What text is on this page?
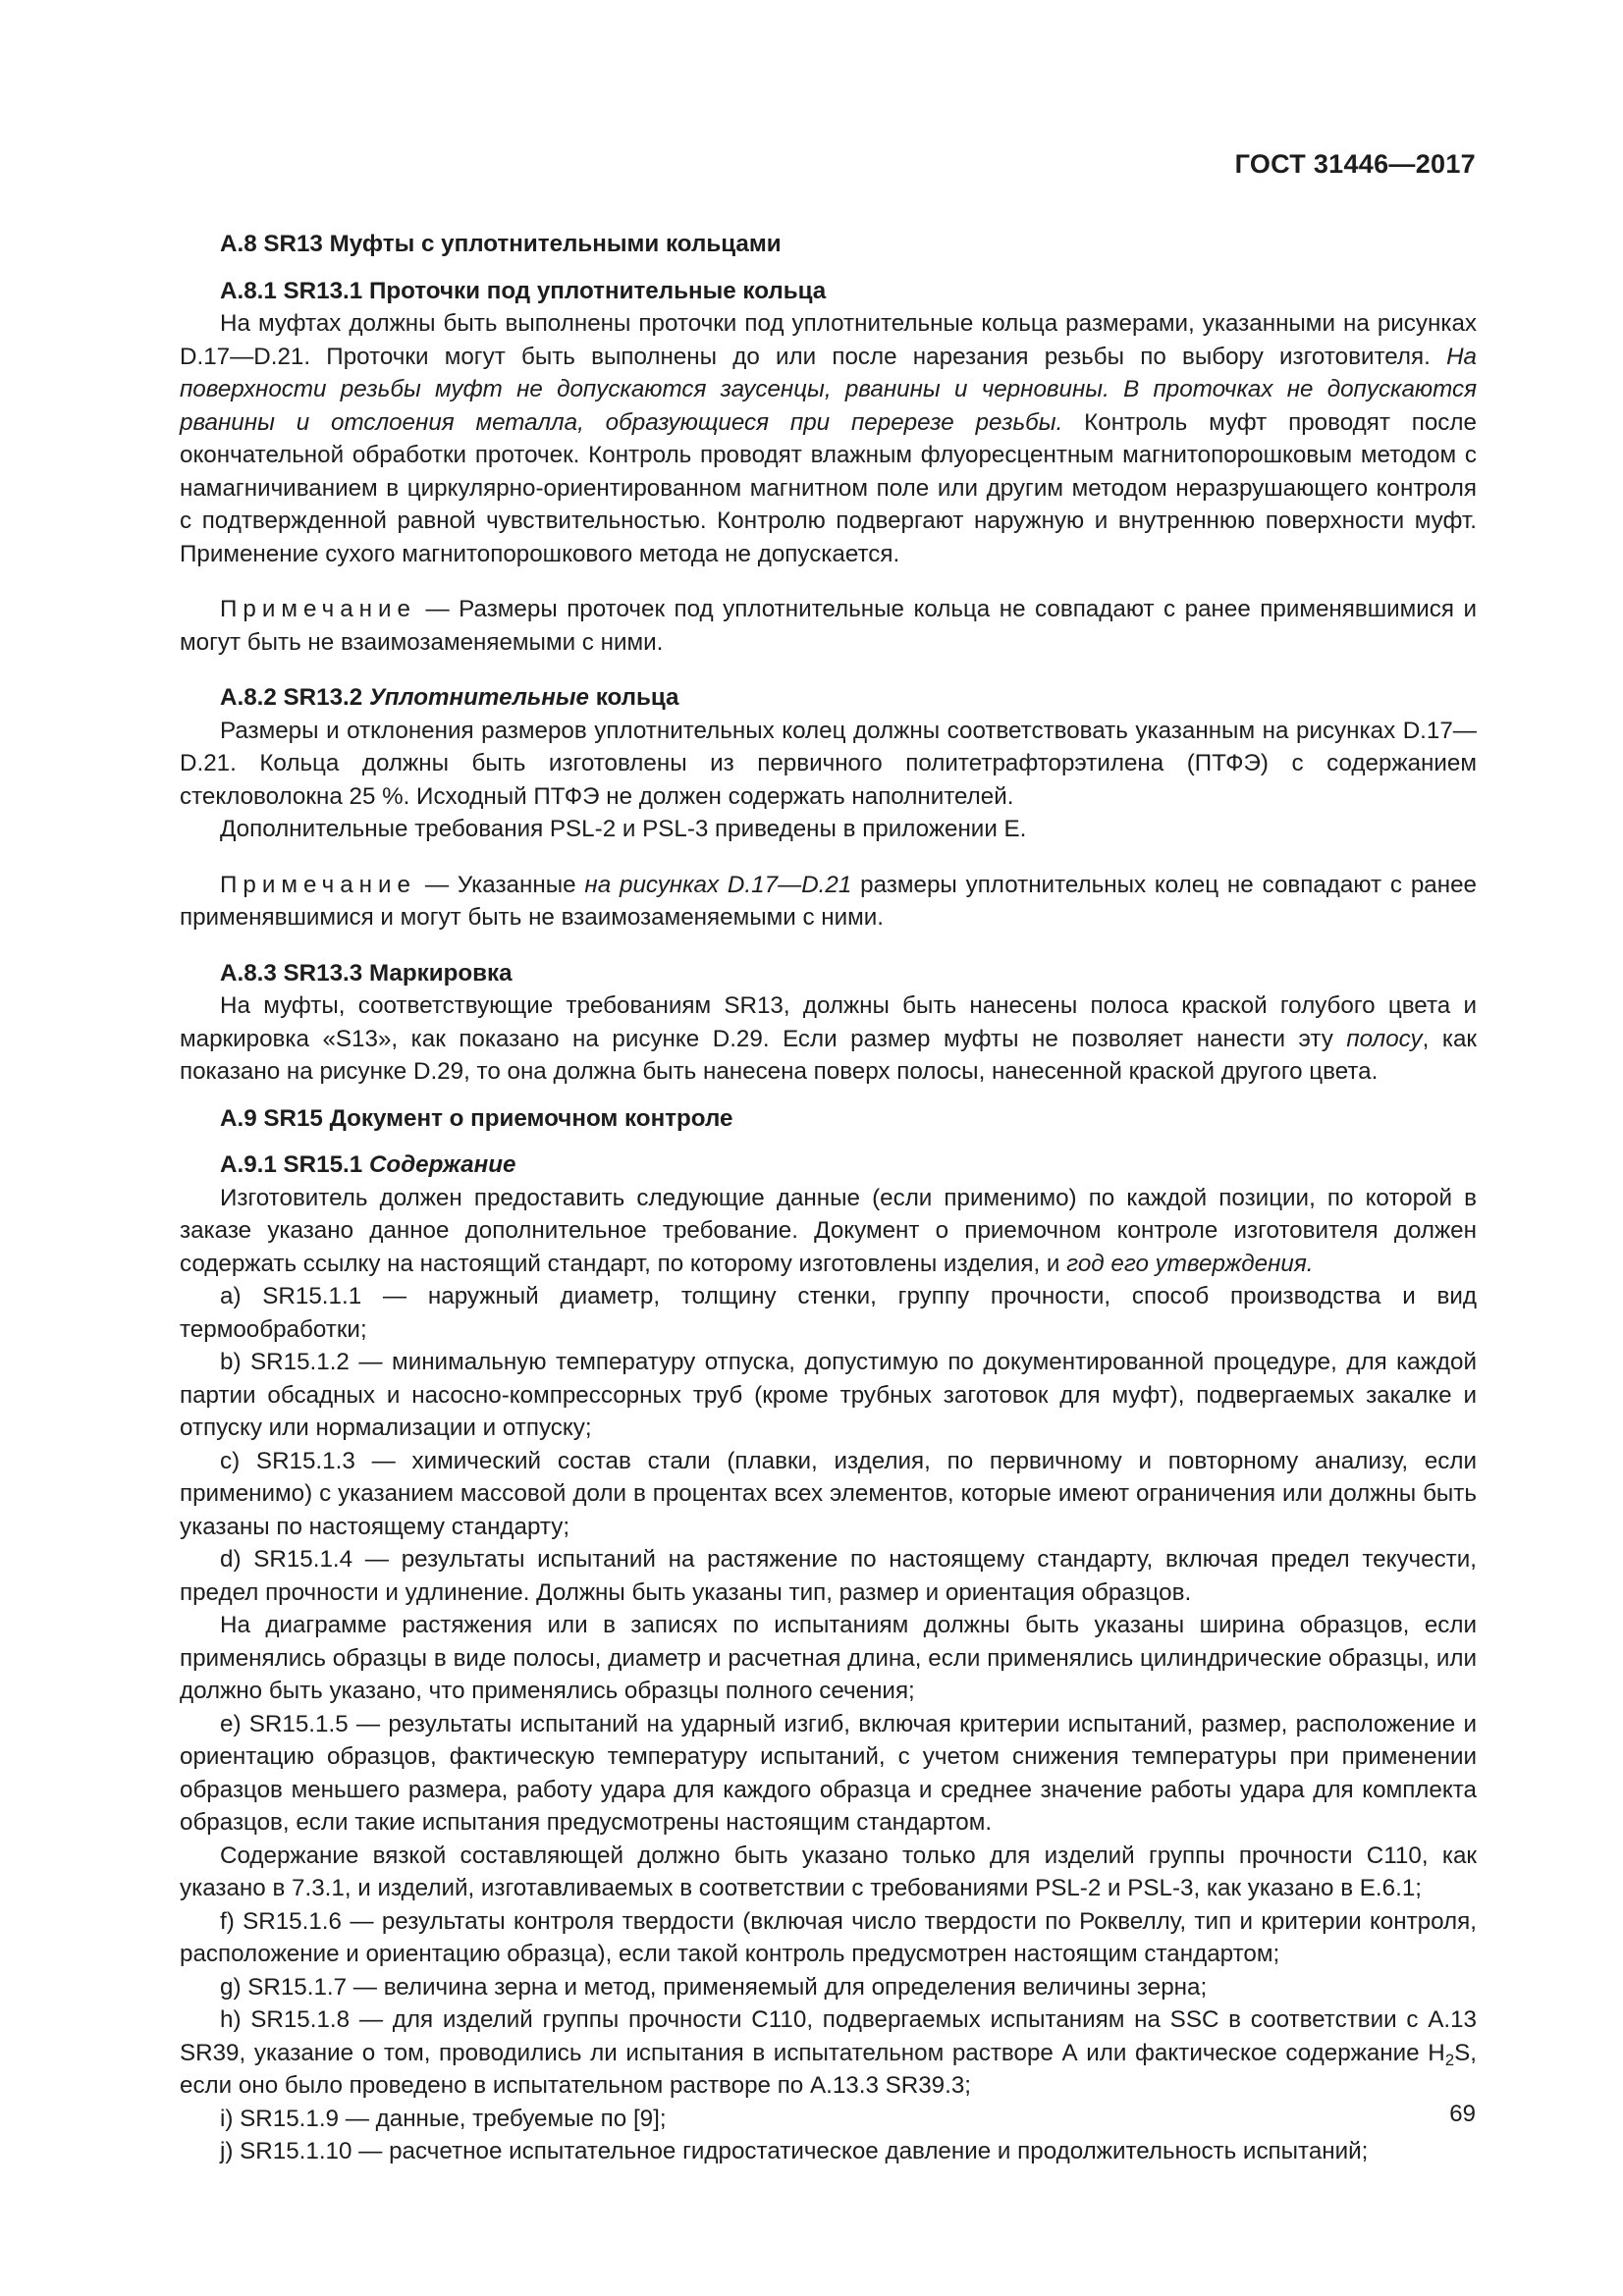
ГОСТ 31446—2017

А.8 SR13 Муфты с уплотнительными кольцами

А.8.1 SR13.1 Проточки под уплотнительные кольца

На муфтах должны быть выполнены проточки под уплотнительные кольца размерами, указанными на рисунках D.17—D.21. Проточки могут быть выполнены до или после нарезания резьбы по выбору изготовителя. На поверхности резьбы муфт не допускаются заусенцы, рванины и черновины. В проточках не допускаются рванины и отслоения металла, образующиеся при перерезе резьбы. Контроль муфт проводят после окончательной обработки проточек. Контроль проводят влажным флуоресцентным магнитопорошковым методом с намагничиванием в циркулярно-ориентированном магнитном поле или другим методом неразрушающего контроля с подтвержденной равной чувствительностью. Контролю подвергают наружную и внутреннюю поверхности муфт. Применение сухого магнитопорошкового метода не допускается.

Примечание — Размеры проточек под уплотнительные кольца не совпадают с ранее применявшимися и могут быть не взаимозаменяемыми с ними.

А.8.2 SR13.2 Уплотнительные кольца

Размеры и отклонения размеров уплотнительных колец должны соответствовать указанным на рисунках D.17—D.21. Кольца должны быть изготовлены из первичного политетрафторэтилена (ПТФЭ) с содержанием стекловолокна 25 %. Исходный ПТФЭ не должен содержать наполнителей.

Дополнительные требования PSL-2 и PSL-3 приведены в приложении Е.

Примечание — Указанные на рисунках D.17—D.21 размеры уплотнительных колец не совпадают с ранее применявшимися и могут быть не взаимозаменяемыми с ними.

А.8.3 SR13.3 Маркировка

На муфты, соответствующие требованиям SR13, должны быть нанесены полоса краской голубого цвета и маркировка «S13», как показано на рисунке D.29. Если размер муфты не позволяет нанести эту полосу, как показано на рисунке D.29, то она должна быть нанесена поверх полосы, нанесенной краской другого цвета.

А.9 SR15 Документ о приемочном контроле

А.9.1 SR15.1 Содержание

Изготовитель должен предоставить следующие данные (если применимо) по каждой позиции, по которой в заказе указано данное дополнительное требование. Документ о приемочном контроле изготовителя должен содержать ссылку на настоящий стандарт, по которому изготовлены изделия, и год его утверждения.

a) SR15.1.1 — наружный диаметр, толщину стенки, группу прочности, способ производства и вид термообработки;

b) SR15.1.2 — минимальную температуру отпуска, допустимую по документированной процедуре, для каждой партии обсадных и насосно-компрессорных труб (кроме трубных заготовок для муфт), подвергаемых закалке и отпуску или нормализации и отпуску;

c) SR15.1.3 — химический состав стали (плавки, изделия, по первичному и повторному анализу, если применимо) с указанием массовой доли в процентах всех элементов, которые имеют ограничения или должны быть указаны по настоящему стандарту;

d) SR15.1.4 — результаты испытаний на растяжение по настоящему стандарту, включая предел текучести, предел прочности и удлинение. Должны быть указаны тип, размер и ориентация образцов.

На диаграмме растяжения или в записях по испытаниям должны быть указаны ширина образцов, если применялись образцы в виде полосы, диаметр и расчетная длина, если применялись цилиндрические образцы, или должно быть указано, что применялись образцы полного сечения;

e) SR15.1.5 — результаты испытаний на ударный изгиб, включая критерии испытаний, размер, расположение и ориентацию образцов, фактическую температуру испытаний, с учетом снижения температуры при применении образцов меньшего размера, работу удара для каждого образца и среднее значение работы удара для комплекта образцов, если такие испытания предусмотрены настоящим стандартом.

Содержание вязкой составляющей должно быть указано только для изделий группы прочности С110, как указано в 7.3.1, и изделий, изготавливаемых в соответствии с требованиями PSL-2 и PSL-3, как указано в Е.6.1;

f) SR15.1.6 — результаты контроля твердости (включая число твердости по Роквеллу, тип и критерии контроля, расположение и ориентацию образца), если такой контроль предусмотрен настоящим стандартом;

g) SR15.1.7 — величина зерна и метод, применяемый для определения величины зерна;

h) SR15.1.8 — для изделий группы прочности С110, подвергаемых испытаниям на SSC в соответствии с А.13 SR39, указание о том, проводились ли испытания в испытательном растворе А или фактическое содержание $H_2S$, если оно было проведено в испытательном растворе по А.13.3 SR39.3;

i) SR15.1.9 — данные, требуемые по [9];

j) SR15.1.10 — расчетное испытательное гидростатическое давление и продолжительность испытаний;

69
